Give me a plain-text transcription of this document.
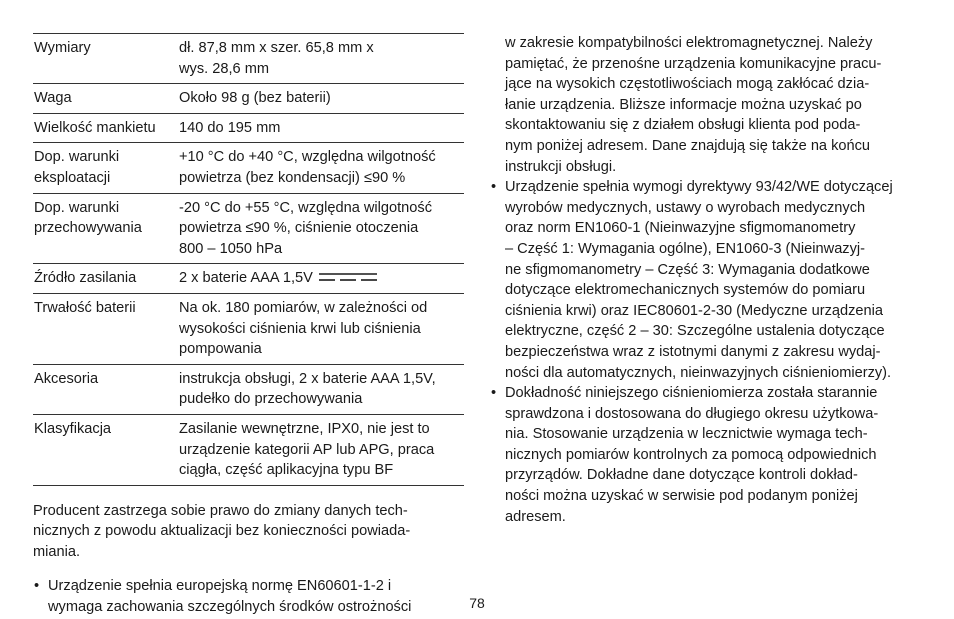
Wymiary	dł. 87,8 mm x szer. 65,8 mm x
wys. 28,6 mm

Waga	Około 98 g (bez baterii)

Wielkość mankietu	140 do 195 mm

Dop. warunki
eksploatacji	+10 °C do +40 °C, względna wilgotność
powietrza (bez kondensacji) ≤90 %

Dop. warunki
przechowywania	-20 °C do +55 °C, względna wilgotność
powietrza ≤90 %, ciśnienie otoczenia
800 – 1050 hPa

Źródło zasilania	2 x baterie AAA 1,5V

Trwałość baterii	Na ok. 180 pomiarów, w zależności od
wysokości ciśnienia krwi lub ciśnienia
pompowania

Akcesoria	instrukcja obsługi, 2 x baterie AAA 1,5V,
pudełko do przechowywania

Klasyfikacja	Zasilanie wewnętrzne, IPX0, nie jest to
urządzenie kategorii AP lub APG, praca
ciągła, część aplikacyjna typu BF
Producent zastrzega sobie prawo do zmiany danych tech-
nicznych z powodu aktualizacji bez konieczności powiada-
miania.
• Urządzenie spełnia europejską normę EN60601-1-2 i
wymaga zachowania szczególnych środków ostrożności
w zakresie kompatybilności elektromagnetycznej. Należy
pamiętać, że przenośne urządzenia komunikacyjne pracu-
jące na wysokich częstotliwościach mogą zakłócać dzia-
łanie urządzenia. Bliższe informacje można uzyskać po
skontaktowaniu się z działem obsługi klienta pod poda-
nym poniżej adresem. Dane znajdują się także na końcu
instrukcji obsługi.
• Urządzenie spełnia wymogi dyrektywy 93/42/WE dotyczącej
wyrobów medycznych, ustawy o wyrobach medycznych
oraz norm EN1060-1 (Nieinwazyjne sfigmomanometry
– Część 1: Wymagania ogólne), EN1060-3 (Nieinwazyj-
ne sfigmomanometry – Część 3: Wymagania dodatkowe
dotyczące elektromechanicznych systemów do pomiaru
ciśnienia krwi) oraz IEC80601-2-30 (Medyczne urządzenia
elektryczne, część 2 – 30: Szczególne ustalenia dotyczące
bezpieczeństwa wraz z istotnymi danymi z zakresu wydaj-
ności dla automatycznych, nieinwazyjnych ciśnieniomierzy).
• Dokładność niniejszego ciśnieniomierza została starannie
sprawdzona i dostosowana do długiego okresu użytkowa-
nia. Stosowanie urządzenia w lecznictwie wymaga tech-
nicznych pomiarów kontrolnych za pomocą odpowiednich
przyrządów. Dokładne dane dotyczące kontroli dokład-
ności można uzyskać w serwisie pod podanym poniżej
adresem.
78
